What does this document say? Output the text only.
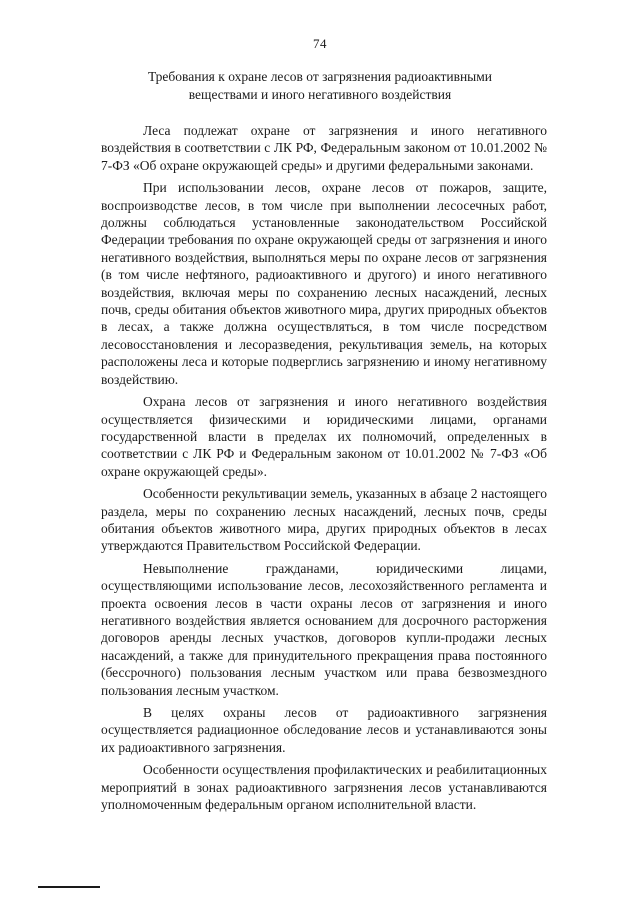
74
Требования к охране лесов от загрязнения радиоактивными
веществами и иного негативного воздействия

Леса подлежат охране от загрязнения и иного негативного воздействия в соответствии с ЛК РФ, Федеральным законом от 10.01.2002 № 7-ФЗ «Об охране окружающей среды» и другими федеральными законами.

При использовании лесов, охране лесов от пожаров, защите, воспроизводстве лесов, в том числе при выполнении лесосечных работ, должны соблюдаться установленные законодательством Российской Федерации требования по охране окружающей среды от загрязнения и иного негативного воздействия, выполняться меры по охране лесов от загрязнения (в том числе нефтяного, радиоактивного и другого) и иного негативного воздействия, включая меры по сохранению лесных насаждений, лесных почв, среды обитания объектов животного мира, других природных объектов в лесах, а также должна осуществляться, в том числе посредством лесовосстановления и лесоразведения, рекультивация земель, на которых расположены леса и которые подверглись загрязнению и иному негативному воздействию.

Охрана лесов от загрязнения и иного негативного воздействия осуществляется физическими и юридическими лицами, органами государственной власти в пределах их полномочий, определенных в соответствии с ЛК РФ и Федеральным законом от 10.01.2002 № 7-ФЗ «Об охране окружающей среды».

Особенности рекультивации земель, указанных в абзаце 2 настоящего раздела, меры по сохранению лесных насаждений, лесных почв, среды обитания объектов животного мира, других природных объектов в лесах утверждаются Правительством Российской Федерации.

Невыполнение гражданами, юридическими лицами, осуществляющими использование лесов, лесохозяйственного регламента и проекта освоения лесов в части охраны лесов от загрязнения и иного негативного воздействия является основанием для досрочного расторжения договоров аренды лесных участков, договоров купли-продажи лесных насаждений, а также для принудительного прекращения права постоянного (бессрочного) пользования лесным участком или права безвозмездного пользования лесным участком.

В целях охраны лесов от радиоактивного загрязнения осуществляется радиационное обследование лесов и устанавливаются зоны их радиоактивного загрязнения.

Особенности осуществления профилактических и реабилитационных мероприятий в зонах радиоактивного загрязнения лесов устанавливаются уполномоченным федеральным органом исполнительной власти.
